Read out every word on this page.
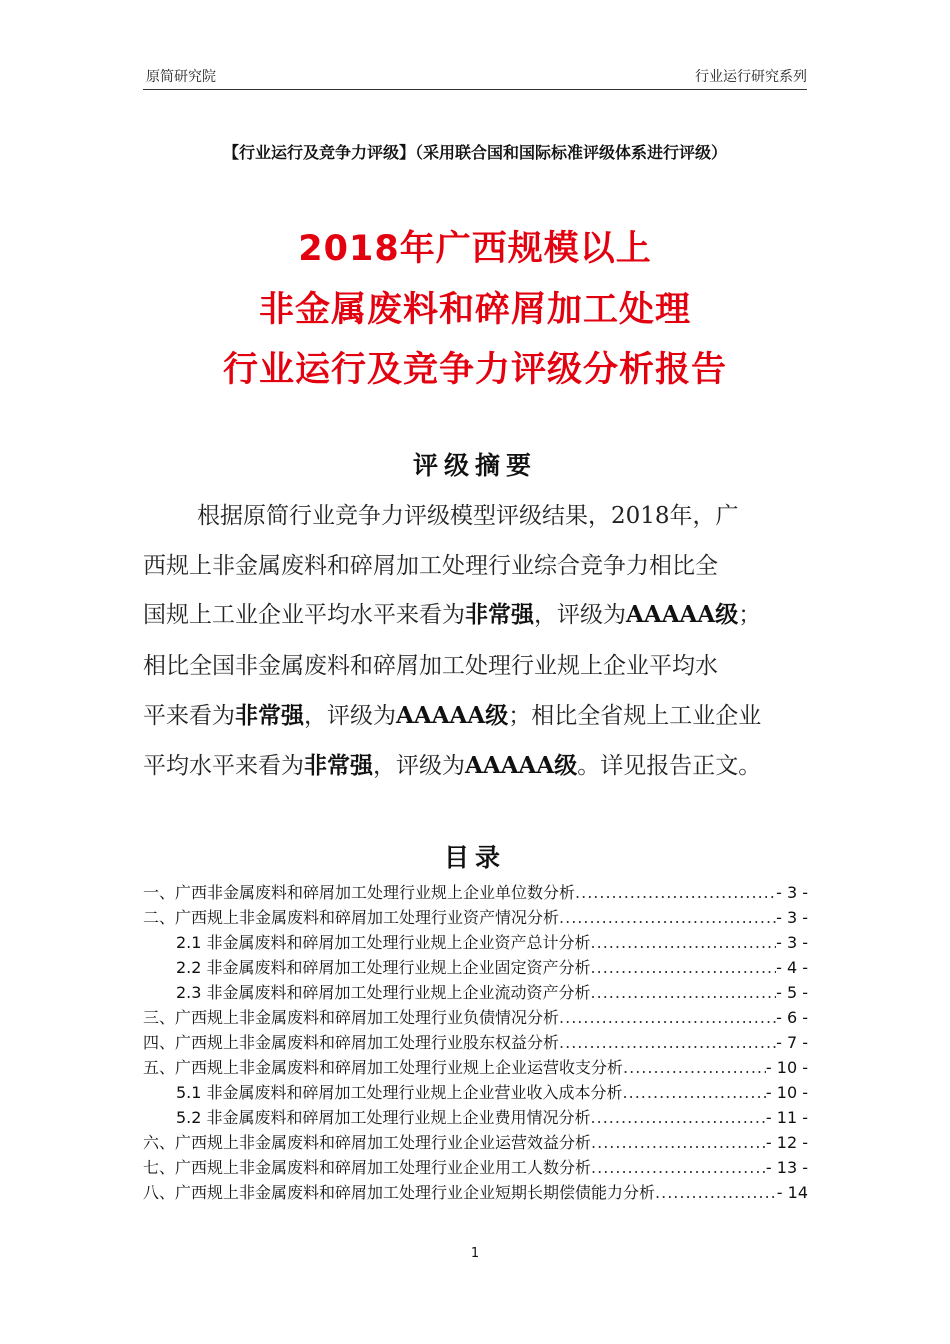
原简研究院	行业运行研究系列
【行业运行及竞争力评级】（采用联合国和国际标准评级体系进行评级）
2018年广西规模以上
非金属废料和碎屑加工处理
行业运行及竞争力评级分析报告
评级摘要
根据原简行业竞争力评级模型评级结果，2018年，广
西规上非金属废料和碎屑加工处理行业综合竞争力相比全
国规上工业企业平均水平来看为非常强，评级为AAAAA级；
相比全国非金属废料和碎屑加工处理行业规上企业平均水
平来看为非常强，评级为AAAAA级；相比全省规上工业企业
平均水平来看为非常强，评级为AAAAA级。详见报告正文。
目录
一、广西非金属废料和碎屑加工处理行业规上企业单位数分析 .....	- 3 -
二、广西规上非金属废料和碎屑加工处理行业资产情况分析 .....	- 3 -
2.1 非金属废料和碎屑加工处理行业规上企业资产总计分析 .....	- 3 -
2.2 非金属废料和碎屑加工处理行业规上企业固定资产分析 .....	- 4 -
2.3 非金属废料和碎屑加工处理行业规上企业流动资产分析 .....	- 5 -
三、广西规上非金属废料和碎屑加工处理行业负债情况分析 .....	- 6 -
四、广西规上非金属废料和碎屑加工处理行业股东权益分析 .....	- 7 -
五、广西规上非金属废料和碎屑加工处理行业规上企业运营收支分析 .....	- 10 -
5.1 非金属废料和碎屑加工处理行业规上企业营业收入成本分析 .....	- 10 -
5.2 非金属废料和碎屑加工处理行业规上企业费用情况分析 .....	- 11 -
六、广西规上非金属废料和碎屑加工处理行业企业运营效益分析 .....	- 12 -
七、广西规上非金属废料和碎屑加工处理行业企业用工人数分析 .....	- 13 -
八、广西规上非金属废料和碎屑加工处理行业企业短期长期偿债能力分析 .....	- 14
1
